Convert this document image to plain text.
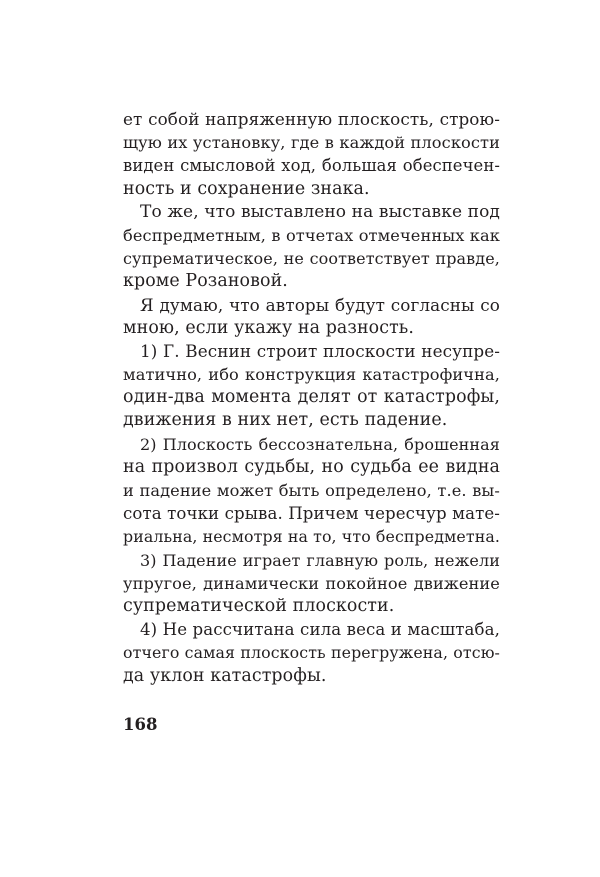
ет собой напряженную плоскость, строю-
щую их установку, где в каждой плоскости
виден смысловой ход, большая обеспечен-
ность и сохранение знака.
То же, что выставлено на выставке под
беспредметным, в отчетах отмеченных как
супрематическое, не соответствует правде,
кроме Розановой.
Я думаю, что авторы будут согласны со
мною, если укажу на разность.
1) Г. Веснин строит плоскости несупре-
матично, ибо конструкция катастрофична,
один-два момента делят от катастрофы,
движения в них нет, есть падение.
2) Плоскость бессознательна, брошенная
на произвол судьбы, но судьба ее видна
и падение может быть определено, т.е. вы-
сота точки срыва. Причем чересчур мате-
риальна, несмотря на то, что беспредметна.
3) Падение играет главную роль, нежели
упругое, динамически покойное движение
супрематической плоскости.
4) Не рассчитана сила веса и масштаба,
отчего самая плоскость перегружена, отсю-
да уклон катастрофы.
168
